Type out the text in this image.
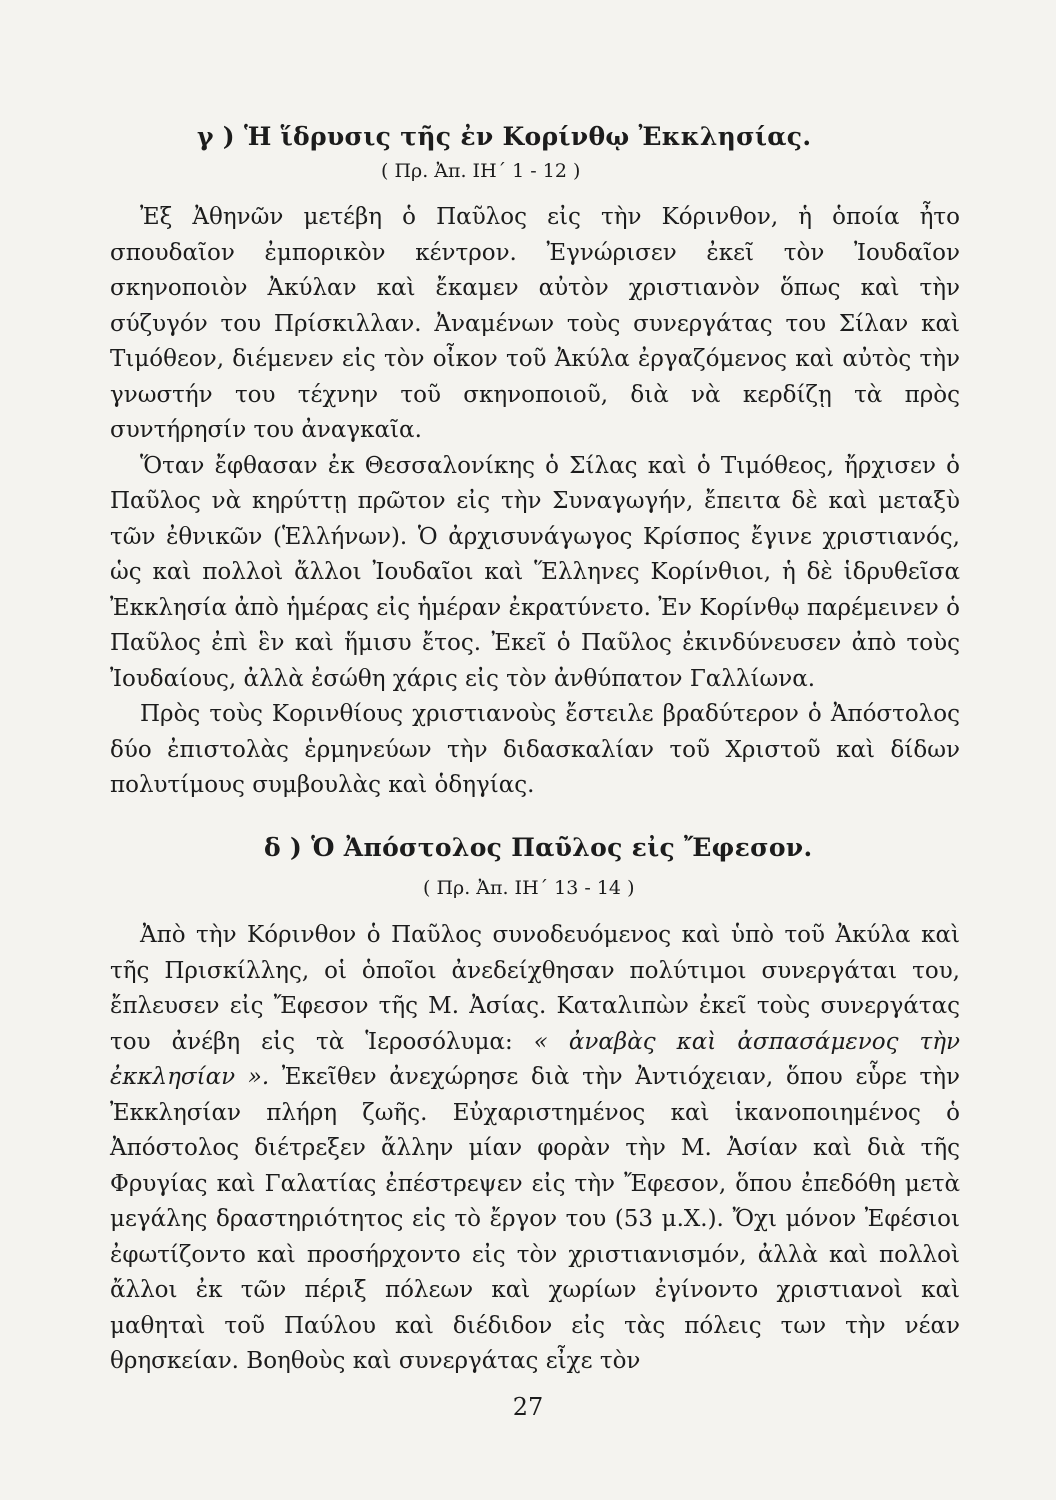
γ ) Ἡ ἵδρυσις τῆς ἐν Κορίνθῳ Ἐκκλησίας.
( Πρ. Ἀπ. ΙΗ΄ 1 - 12 )

Ἐξ Ἀθηνῶν μετέβη ὁ Παῦλος εἰς τὴν Κόρινθον, ἡ ὁποία ἦτο σπουδαῖον ἐμπορικὸν κέντρον. Ἐγνώρισεν ἐκεῖ τὸν Ἰουδαῖον σκηνοποιὸν Ἀκύλαν καὶ ἔκαμεν αὐτὸν χριστιανὸν ὅπως καὶ τὴν σύζυγόν του Πρίσκιλλαν. Ἀναμένων τοὺς συνεργάτας του Σίλαν καὶ Τιμόθεον, διέμενεν εἰς τὸν οἶκον τοῦ Ἀκύλα ἐργαζόμενος καὶ αὐτὸς τὴν γνωστήν του τέχνην τοῦ σκηνοποιοῦ, διὰ νὰ κερδίζῃ τὰ πρὸς συντήρησίν του ἀναγκαῖα.

Ὅταν ἔφθασαν ἐκ Θεσσαλονίκης ὁ Σίλας καὶ ὁ Τιμόθεος, ἤρχισεν ὁ Παῦλος νὰ κηρύττῃ πρῶτον εἰς τὴν Συναγωγήν, ἔπειτα δὲ καὶ μεταξὺ τῶν ἐθνικῶν (Ἑλλήνων). Ὁ ἀρχισυνάγωγος Κρίσπος ἔγινε χριστιανός, ὡς καὶ πολλοὶ ἄλλοι Ἰουδαῖοι καὶ Ἕλληνες Κορίνθιοι, ἡ δὲ ἱδρυθεῖσα Ἐκκλησία ἀπὸ ἡμέρας εἰς ἡμέραν ἐκρατύνετο. Ἐν Κορίνθῳ παρέμεινεν ὁ Παῦλος ἐπὶ ἓν καὶ ἥμισυ ἔτος. Ἐκεῖ ὁ Παῦλος ἐκινδύνευσεν ἀπὸ τοὺς Ἰουδαίους, ἀλλὰ ἐσώθη χάρις εἰς τὸν ἀνθύπατον Γαλλίωνα.

Πρὸς τοὺς Κορινθίους χριστιανοὺς ἔστειλε βραδύτερον ὁ Ἀπόστολος δύο ἐπιστολὰς ἑρμηνεύων τὴν διδασκαλίαν τοῦ Χριστοῦ καὶ δίδων πολυτίμους συμβουλὰς καὶ ὁδηγίας.

δ ) Ὁ Ἀπόστολος Παῦλος εἰς Ἔφεσον.
( Πρ. Ἀπ. ΙΗ΄ 13 - 14 )

Ἀπὸ τὴν Κόρινθον ὁ Παῦλος συνοδευόμενος καὶ ὑπὸ τοῦ Ἀκύλα καὶ τῆς Πρισκίλλης, οἱ ὁποῖοι ἀνεδείχθησαν πολύτιμοι συνεργάται του, ἔπλευσεν εἰς Ἔφεσον τῆς Μ. Ἀσίας. Καταλιπὼν ἐκεῖ τοὺς συνεργάτας του ἀνέβη εἰς τὰ Ἱεροσόλυμα: « ἀναβὰς καὶ ἀσπασάμενος τὴν ἐκκλησίαν ». Ἐκεῖθεν ἀνεχώρησε διὰ τὴν Ἀντιόχειαν, ὅπου εὗρε τὴν Ἐκκλησίαν πλήρη ζωῆς. Εὐχαριστημένος καὶ ἱκανοποιημένος ὁ Ἀπόστολος διέτρεξεν ἄλλην μίαν φορὰν τὴν Μ. Ἀσίαν καὶ διὰ τῆς Φρυγίας καὶ Γαλατίας ἐπέστρεψεν εἰς τὴν Ἔφεσον, ὅπου ἐπεδόθη μετὰ μεγάλης δραστηριότητος εἰς τὸ ἔργον του (53 μ.Χ.). Ὄχι μόνον Ἐφέσιοι ἐφωτίζοντο καὶ προσήρχοντο εἰς τὸν χριστιανισμόν, ἀλλὰ καὶ πολλοὶ ἄλλοι ἐκ τῶν πέριξ πόλεων καὶ χωρίων ἐγίνοντο χριστιανοὶ καὶ μαθηταὶ τοῦ Παύλου καὶ διέδιδον εἰς τὰς πόλεις των τὴν νέαν θρησκείαν. Βοηθοὺς καὶ συνεργάτας εἶχε τὸν

27
